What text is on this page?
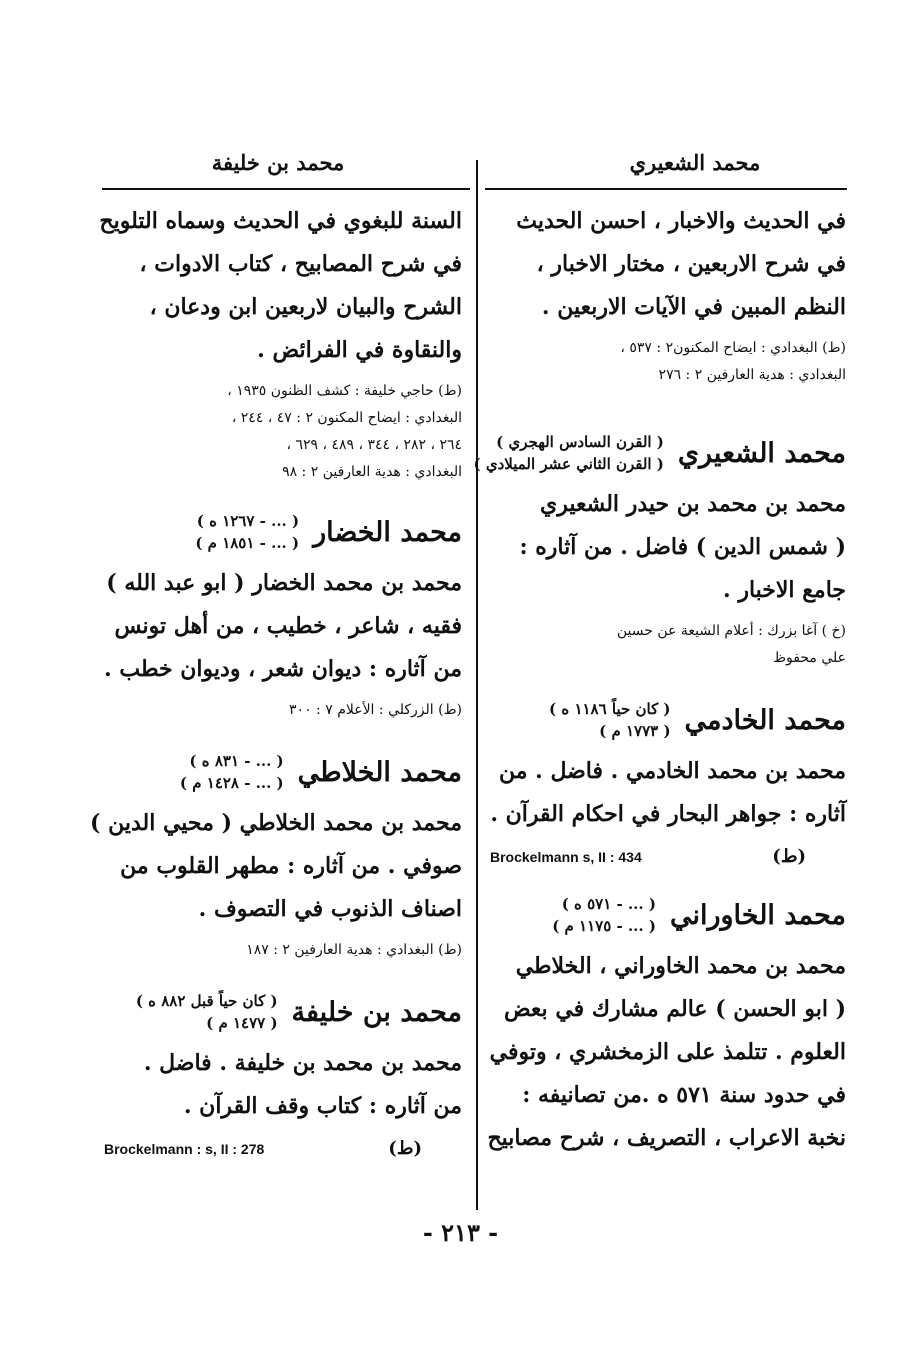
محمد الشعيري
محمد بن خليفة

في الحديث والاخبار ، احسن الحديث

في شرح الاربعين ، مختار الاخبار ،

النظم المبين في الآيات الاربعين .

(ط) البغدادي : ايضاح المكنون٢ : ٥٣٧ ،

البغدادي : هدية العارفين ٢ : ٢٧٦

محمد الشعيري
( القرن السادس الهجري )
( القرن الثاني عشر الميلادي )

محمد بن محمد بن حيدر الشعيري

( شمس الدين ) فاضل . من آثاره :

جامع الاخبار .

(خ ) آغا بزرك : أعلام الشيعة عن حسين

علي محفوظ

محمد الخادمي
( كان حياً ١١٨٦ ه )
( ١٧٧٣ م )

محمد بن محمد الخادمي . فاضل . من

آثاره : جواهر البحار في احكام القرآن .

Brockelmann s, II : 434	(ط)
محمد الخاوراني
( ... - ٥٧١ ه )
( ... - ١١٧٥ م )

محمد بن محمد الخاوراني ، الخلاطي

( ابو الحسن ) عالم مشارك في بعض

العلوم . تتلمذ على الزمخشري ، وتوفي

في حدود سنة ٥٧١ ه .من تصانيفه :

نخبة الاعراب ، التصريف ، شرح مصابيح

السنة للبغوي في الحديث وسماه التلويح

في شرح المصابيح ، كتاب الادوات ،

الشرح والبيان لاربعين ابن ودعان ،

والنقاوة في الفرائض .

(ط) حاجي خليفة : كشف الظنون ١٩٣٥ ،

البغدادي : ايضاح المكنون ٢ : ٤٧ ، ٢٤٤ ،

٢٦٤ ، ٢٨٢ ، ٣٤٤ ، ٤٨٩ ، ٦٢٩ ،

البغدادي : هدية العارفين ٢ : ٩٨

محمد الخضار
( ... - ١٢٦٧ ه )
( ... - ١٨٥١ م )

محمد بن محمد الخضار ( ابو عبد الله )

فقيه ، شاعر ، خطيب ، من أهل تونس

من آثاره : ديوان شعر ، وديوان خطب .

(ط) الزركلي : الأعلام ٧ : ٣٠٠

محمد الخلاطي
( ... - ٨٣١ ه )
( ... - ١٤٢٨ م )

محمد بن محمد الخلاطي ( محيي الدين )

صوفي . من آثاره : مطهر القلوب من

اصناف الذنوب في التصوف .

(ط) البغدادي : هدية العارفين ٢ : ١٨٧

محمد بن خليفة
( كان حياً قبل ٨٨٢ ه )
( ١٤٧٧ م )

محمد بن محمد بن خليفة . فاضل .

من آثاره : كتاب وقف القرآن .

Brockelmann : s, II : 278	(ط)
- ٢١٣ -
